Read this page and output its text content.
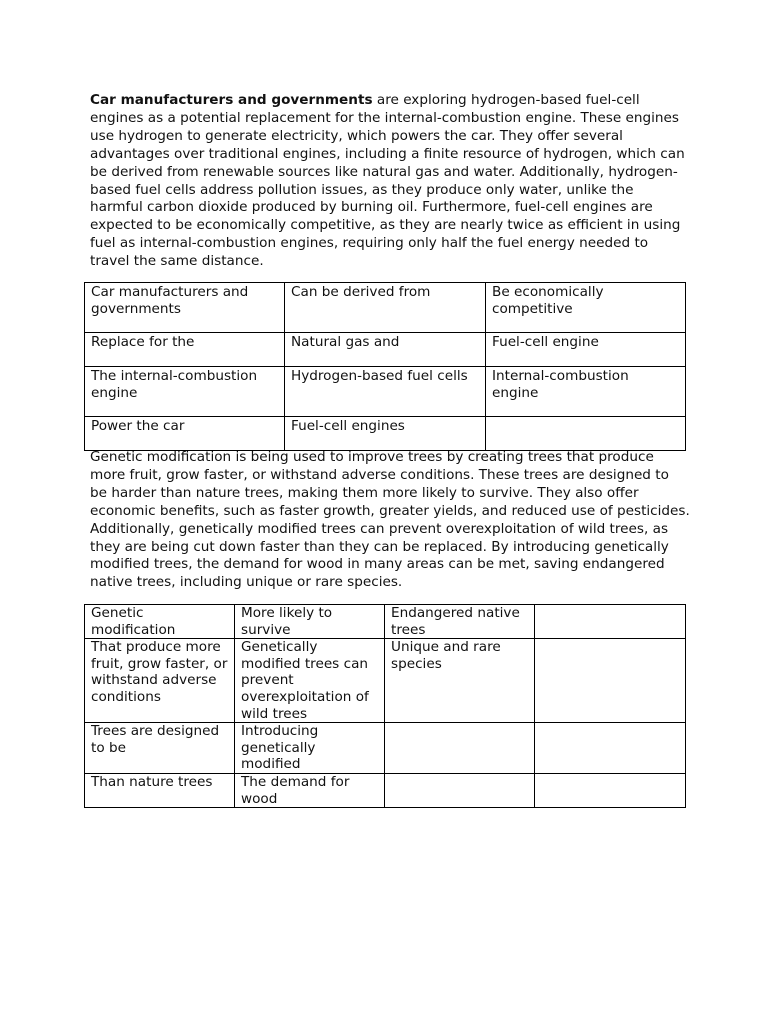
Car manufacturers and governments are exploring hydrogen-based fuel-cell engines as a potential replacement for the internal-combustion engine. These engines use hydrogen to generate electricity, which powers the car. They offer several advantages over traditional engines, including a finite resource of hydrogen, which can be derived from renewable sources like natural gas and water. Additionally, hydrogen-based fuel cells address pollution issues, as they produce only water, unlike the harmful carbon dioxide produced by burning oil. Furthermore, fuel-cell engines are expected to be economically competitive, as they are nearly twice as efficient in using fuel as internal-combustion engines, requiring only half the fuel energy needed to travel the same distance.

Car manufacturers and governments	Can be derived from	Be economically competitive
Replace for the	Natural gas and	Fuel-cell engine
The internal-combustion engine	Hydrogen-based fuel cells	Internal-combustion engine
Power the car	Fuel-cell engines	

Genetic modification is being used to improve trees by creating trees that produce more fruit, grow faster, or withstand adverse conditions. These trees are designed to be harder than nature trees, making them more likely to survive. They also offer economic benefits, such as faster growth, greater yields, and reduced use of pesticides. Additionally, genetically modified trees can prevent overexploitation of wild trees, as they are being cut down faster than they can be replaced. By introducing genetically modified trees, the demand for wood in many areas can be met, saving endangered native trees, including unique or rare species.

Genetic modification	More likely to survive	Endangered native trees	
That produce more fruit, grow faster, or withstand adverse conditions	Genetically modified trees can prevent overexploitation of wild trees	Unique and rare species	
Trees are designed to be	Introducing genetically modified		
Than nature trees	The demand for wood		
